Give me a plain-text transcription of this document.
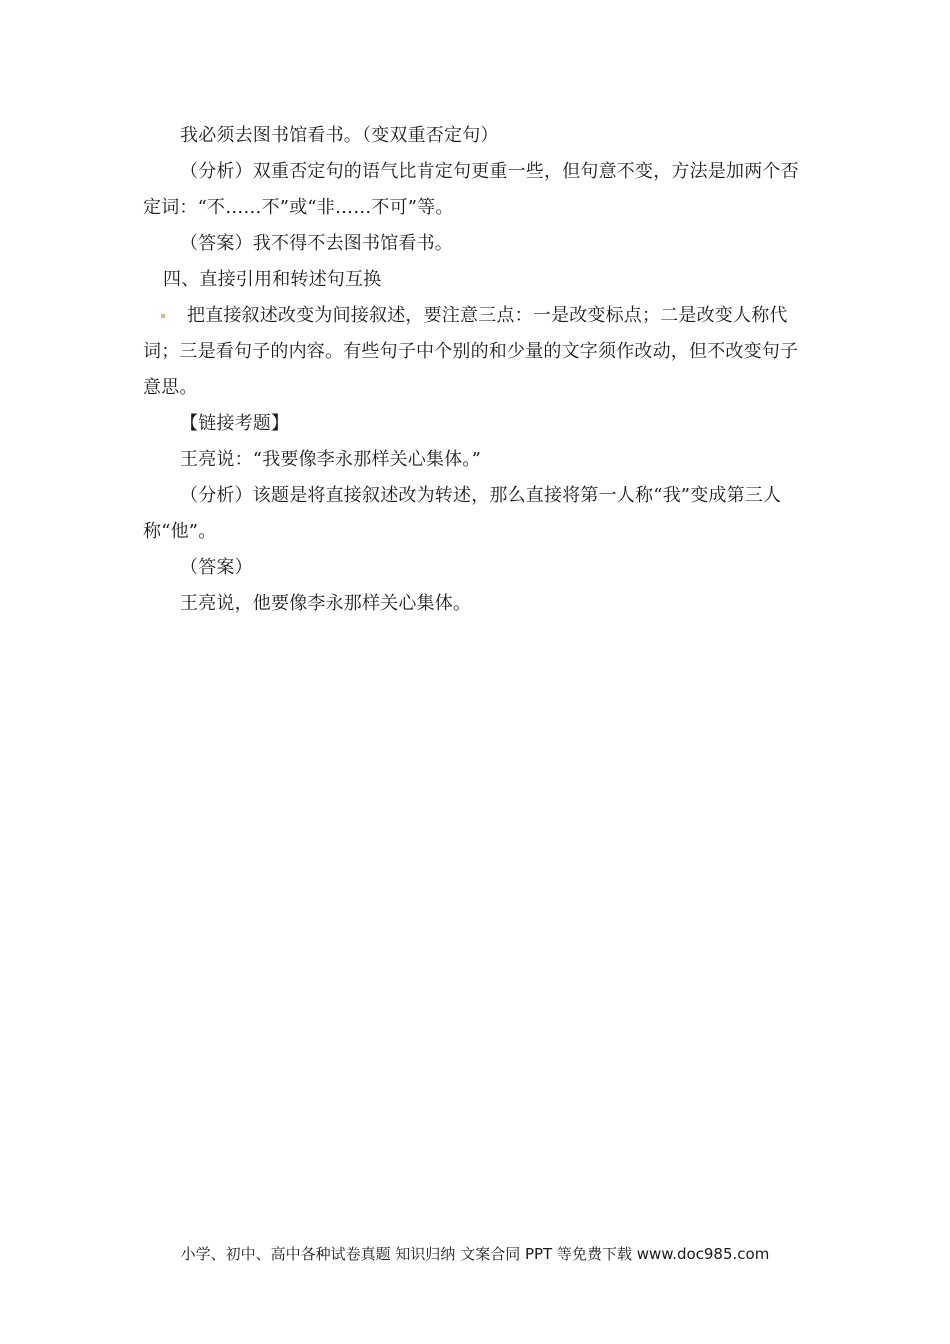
我必须去图书馆看书。（变双重否定句）

（分析）双重否定句的语气比肯定句更重一些，但句意不变，方法是加两个否定词：“不……不”或“非……不可”等。

（答案）我不得不去图书馆看书。

四、直接引用和转述句互换

把直接叙述改变为间接叙述，要注意三点：一是改变标点；二是改变人称代词；三是看句子的内容。有些句子中个别的和少量的文字须作改动，但不改变句子意思。

【链接考题】

王亮说：“我要像李永那样关心集体。”

（分析）该题是将直接叙述改为转述，那么直接将第一人称“我”变成第三人称“他”。

（答案）

王亮说，他要像李永那样关心集体。

小学、初中、高中各种试卷真题 知识归纳 文案合同 PPT 等免费下载 www.doc985.com
